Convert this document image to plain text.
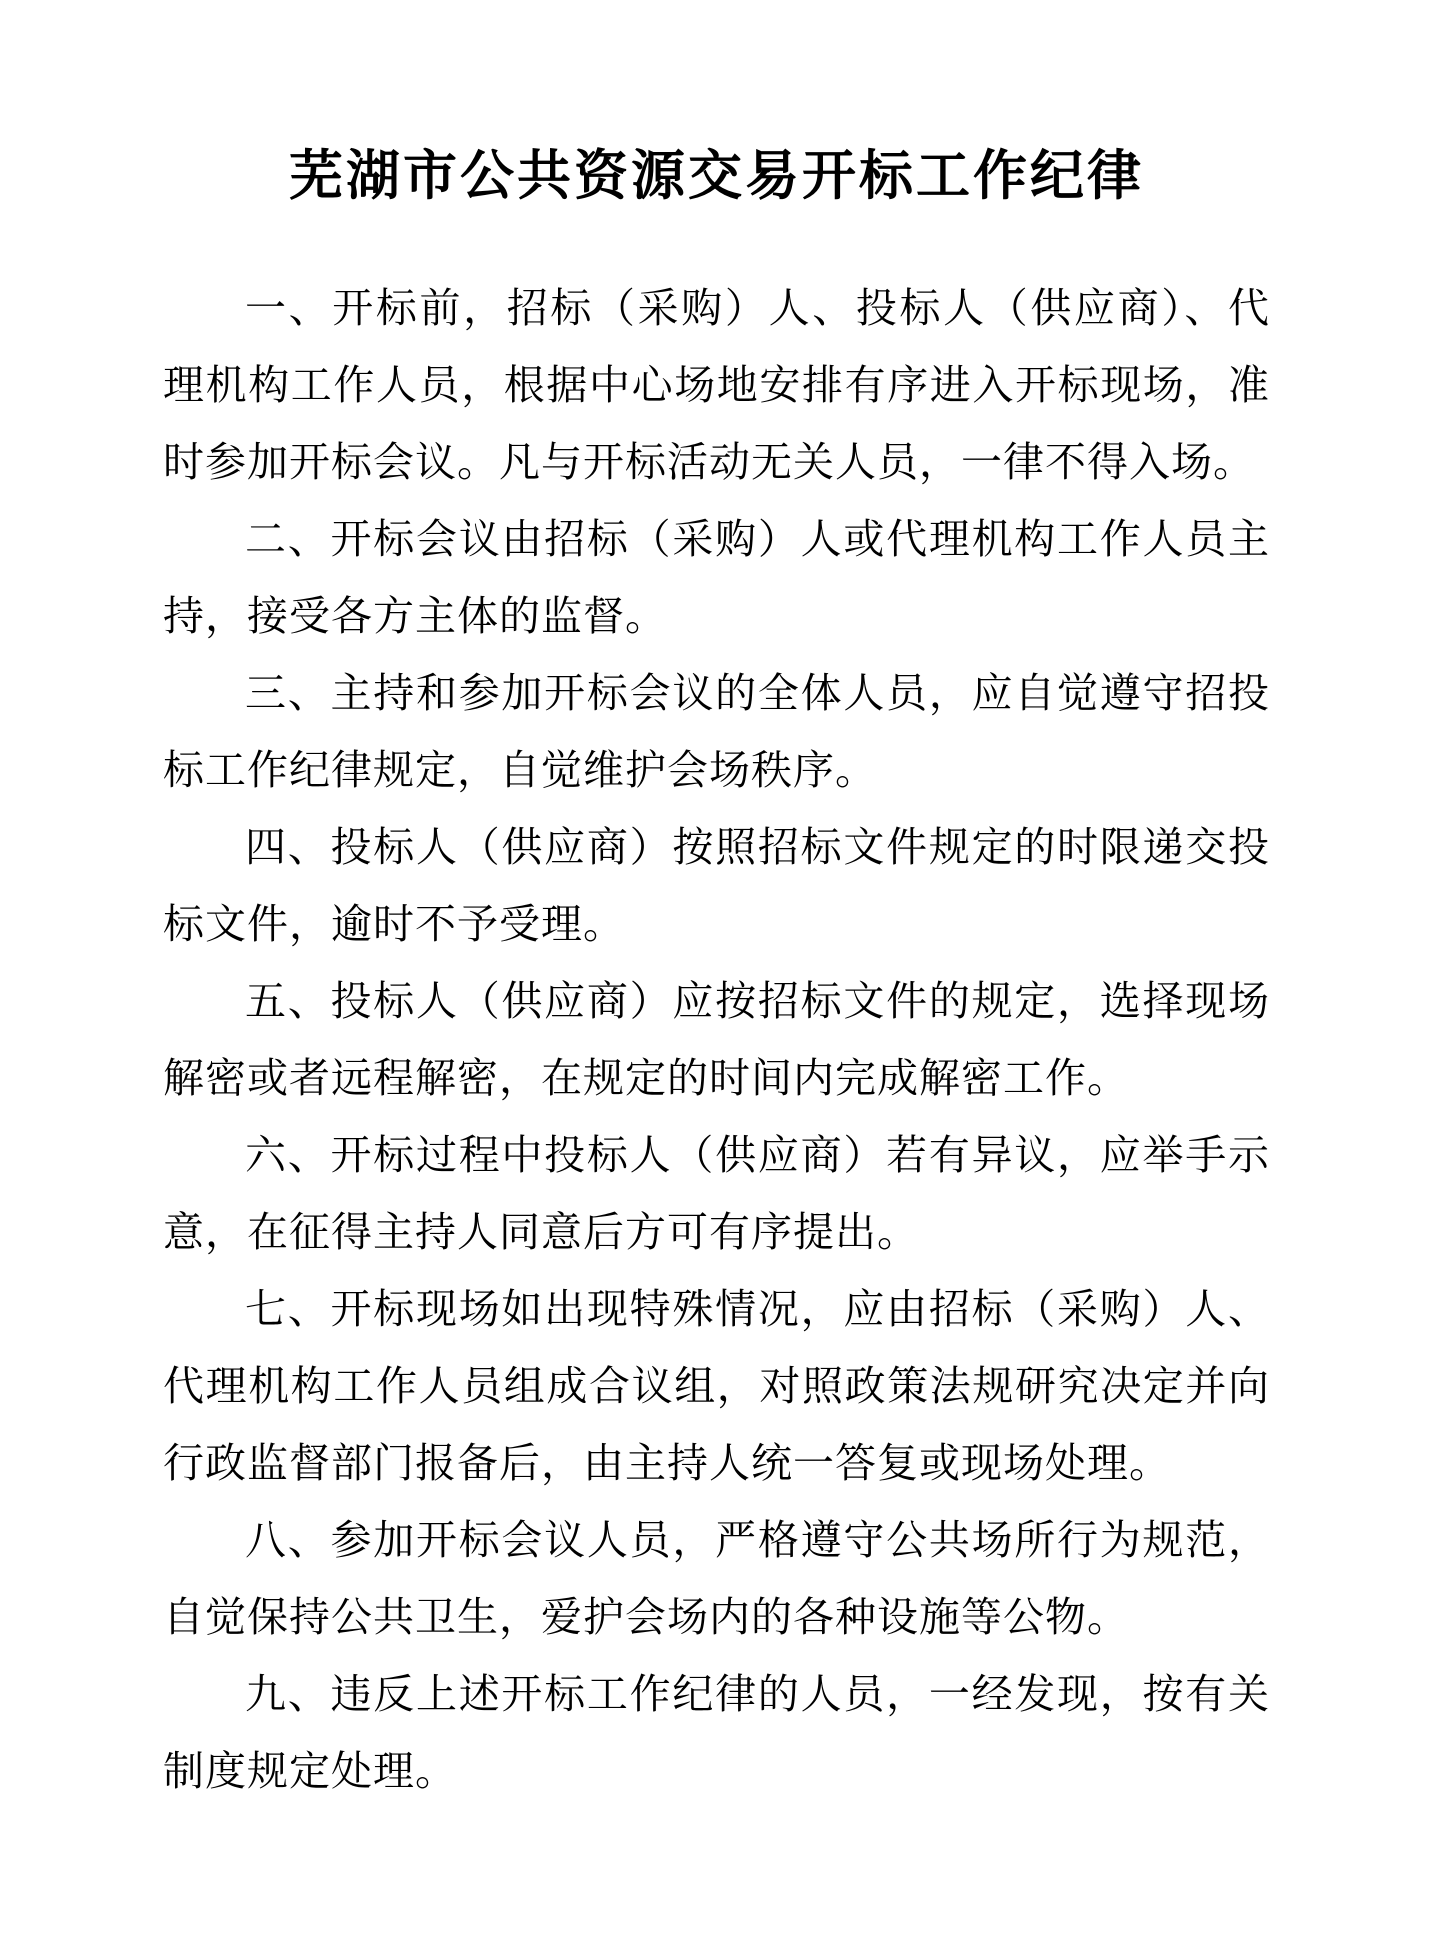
芜湖市公共资源交易开标工作纪律

一、开标前，招标（采购）人、投标人（供应商）、代理机构工作人员，根据中心场地安排有序进入开标现场，准时参加开标会议。凡与开标活动无关人员，一律不得入场。

二、开标会议由招标（采购）人或代理机构工作人员主持，接受各方主体的监督。

三、主持和参加开标会议的全体人员，应自觉遵守招投标工作纪律规定，自觉维护会场秩序。

四、投标人（供应商）按照招标文件规定的时限递交投标文件，逾时不予受理。

五、投标人（供应商）应按招标文件的规定，选择现场解密或者远程解密，在规定的时间内完成解密工作。

六、开标过程中投标人（供应商）若有异议，应举手示意，在征得主持人同意后方可有序提出。

七、开标现场如出现特殊情况，应由招标（采购）人、代理机构工作人员组成合议组，对照政策法规研究决定并向行政监督部门报备后，由主持人统一答复或现场处理。

八、参加开标会议人员，严格遵守公共场所行为规范，自觉保持公共卫生，爱护会场内的各种设施等公物。

九、违反上述开标工作纪律的人员，一经发现，按有关制度规定处理。
